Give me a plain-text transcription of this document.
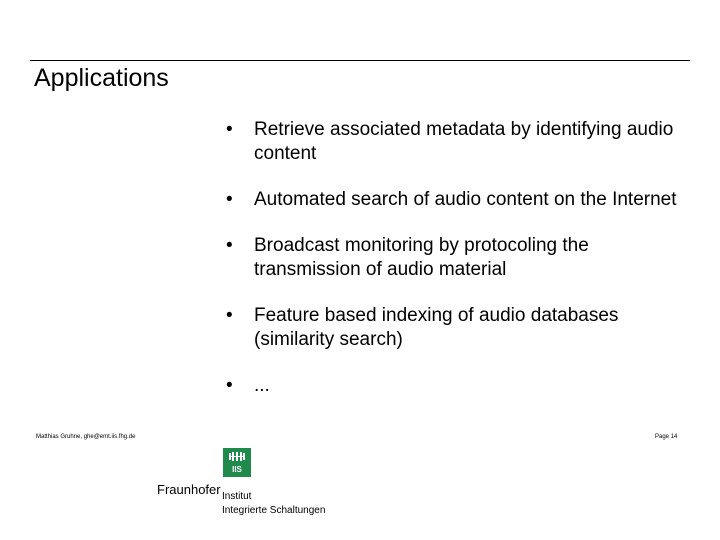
Applications
• Retrieve associated metadata by identifying audio content
• Automated search of audio content on the Internet
• Broadcast monitoring by protocoling the transmission of audio material
• Feature based indexing of audio databases (similarity search)
• ...
Matthias Gruhne, ghe@emt.iis.fhg.de	Page 14
IIS
Fraunhofer Institut
Integrierte Schaltungen
